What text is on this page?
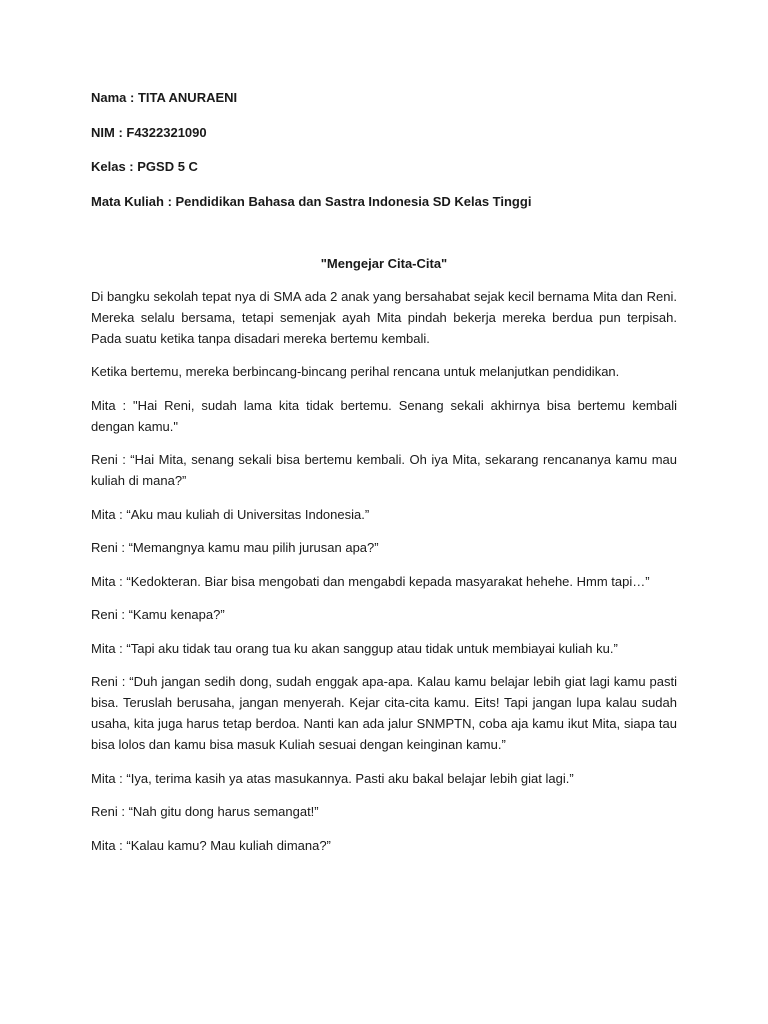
Nama : TITA ANURAENI
NIM : F4322321090
Kelas : PGSD 5 C
Mata Kuliah : Pendidikan Bahasa dan Sastra Indonesia SD Kelas Tinggi
"Mengejar Cita-Cita"

Di bangku sekolah tepat nya di SMA ada 2 anak yang bersahabat sejak kecil bernama Mita dan Reni. Mereka selalu bersama, tetapi semenjak ayah Mita pindah bekerja mereka berdua pun terpisah. Pada suatu ketika tanpa disadari mereka bertemu kembali.

Ketika bertemu, mereka berbincang-bincang perihal rencana untuk melanjutkan pendidikan.

Mita : "Hai Reni, sudah lama kita tidak bertemu. Senang sekali akhirnya bisa bertemu kembali dengan kamu."

Reni : “Hai Mita, senang sekali bisa bertemu kembali. Oh iya Mita, sekarang rencananya kamu mau kuliah di mana?”

Mita : “Aku mau kuliah di Universitas Indonesia.”

Reni : “Memangnya kamu mau pilih jurusan apa?”

Mita : “Kedokteran. Biar bisa mengobati dan mengabdi kepada masyarakat hehehe. Hmm tapi…”

Reni : “Kamu kenapa?”

Mita : “Tapi aku tidak tau orang tua ku akan sanggup atau tidak untuk membiayai kuliah ku.”

Reni : “Duh jangan sedih dong, sudah enggak apa-apa. Kalau kamu belajar lebih giat lagi kamu pasti bisa. Teruslah berusaha, jangan menyerah. Kejar cita-cita kamu. Eits! Tapi jangan lupa kalau sudah usaha, kita juga harus tetap berdoa. Nanti kan ada jalur SNMPTN, coba aja kamu ikut Mita, siapa tau bisa lolos dan kamu bisa masuk Kuliah sesuai dengan keinginan kamu.”

Mita : “Iya, terima kasih ya atas masukannya. Pasti aku bakal belajar lebih giat lagi.”

Reni : “Nah gitu dong harus semangat!”

Mita : “Kalau kamu? Mau kuliah dimana?”
